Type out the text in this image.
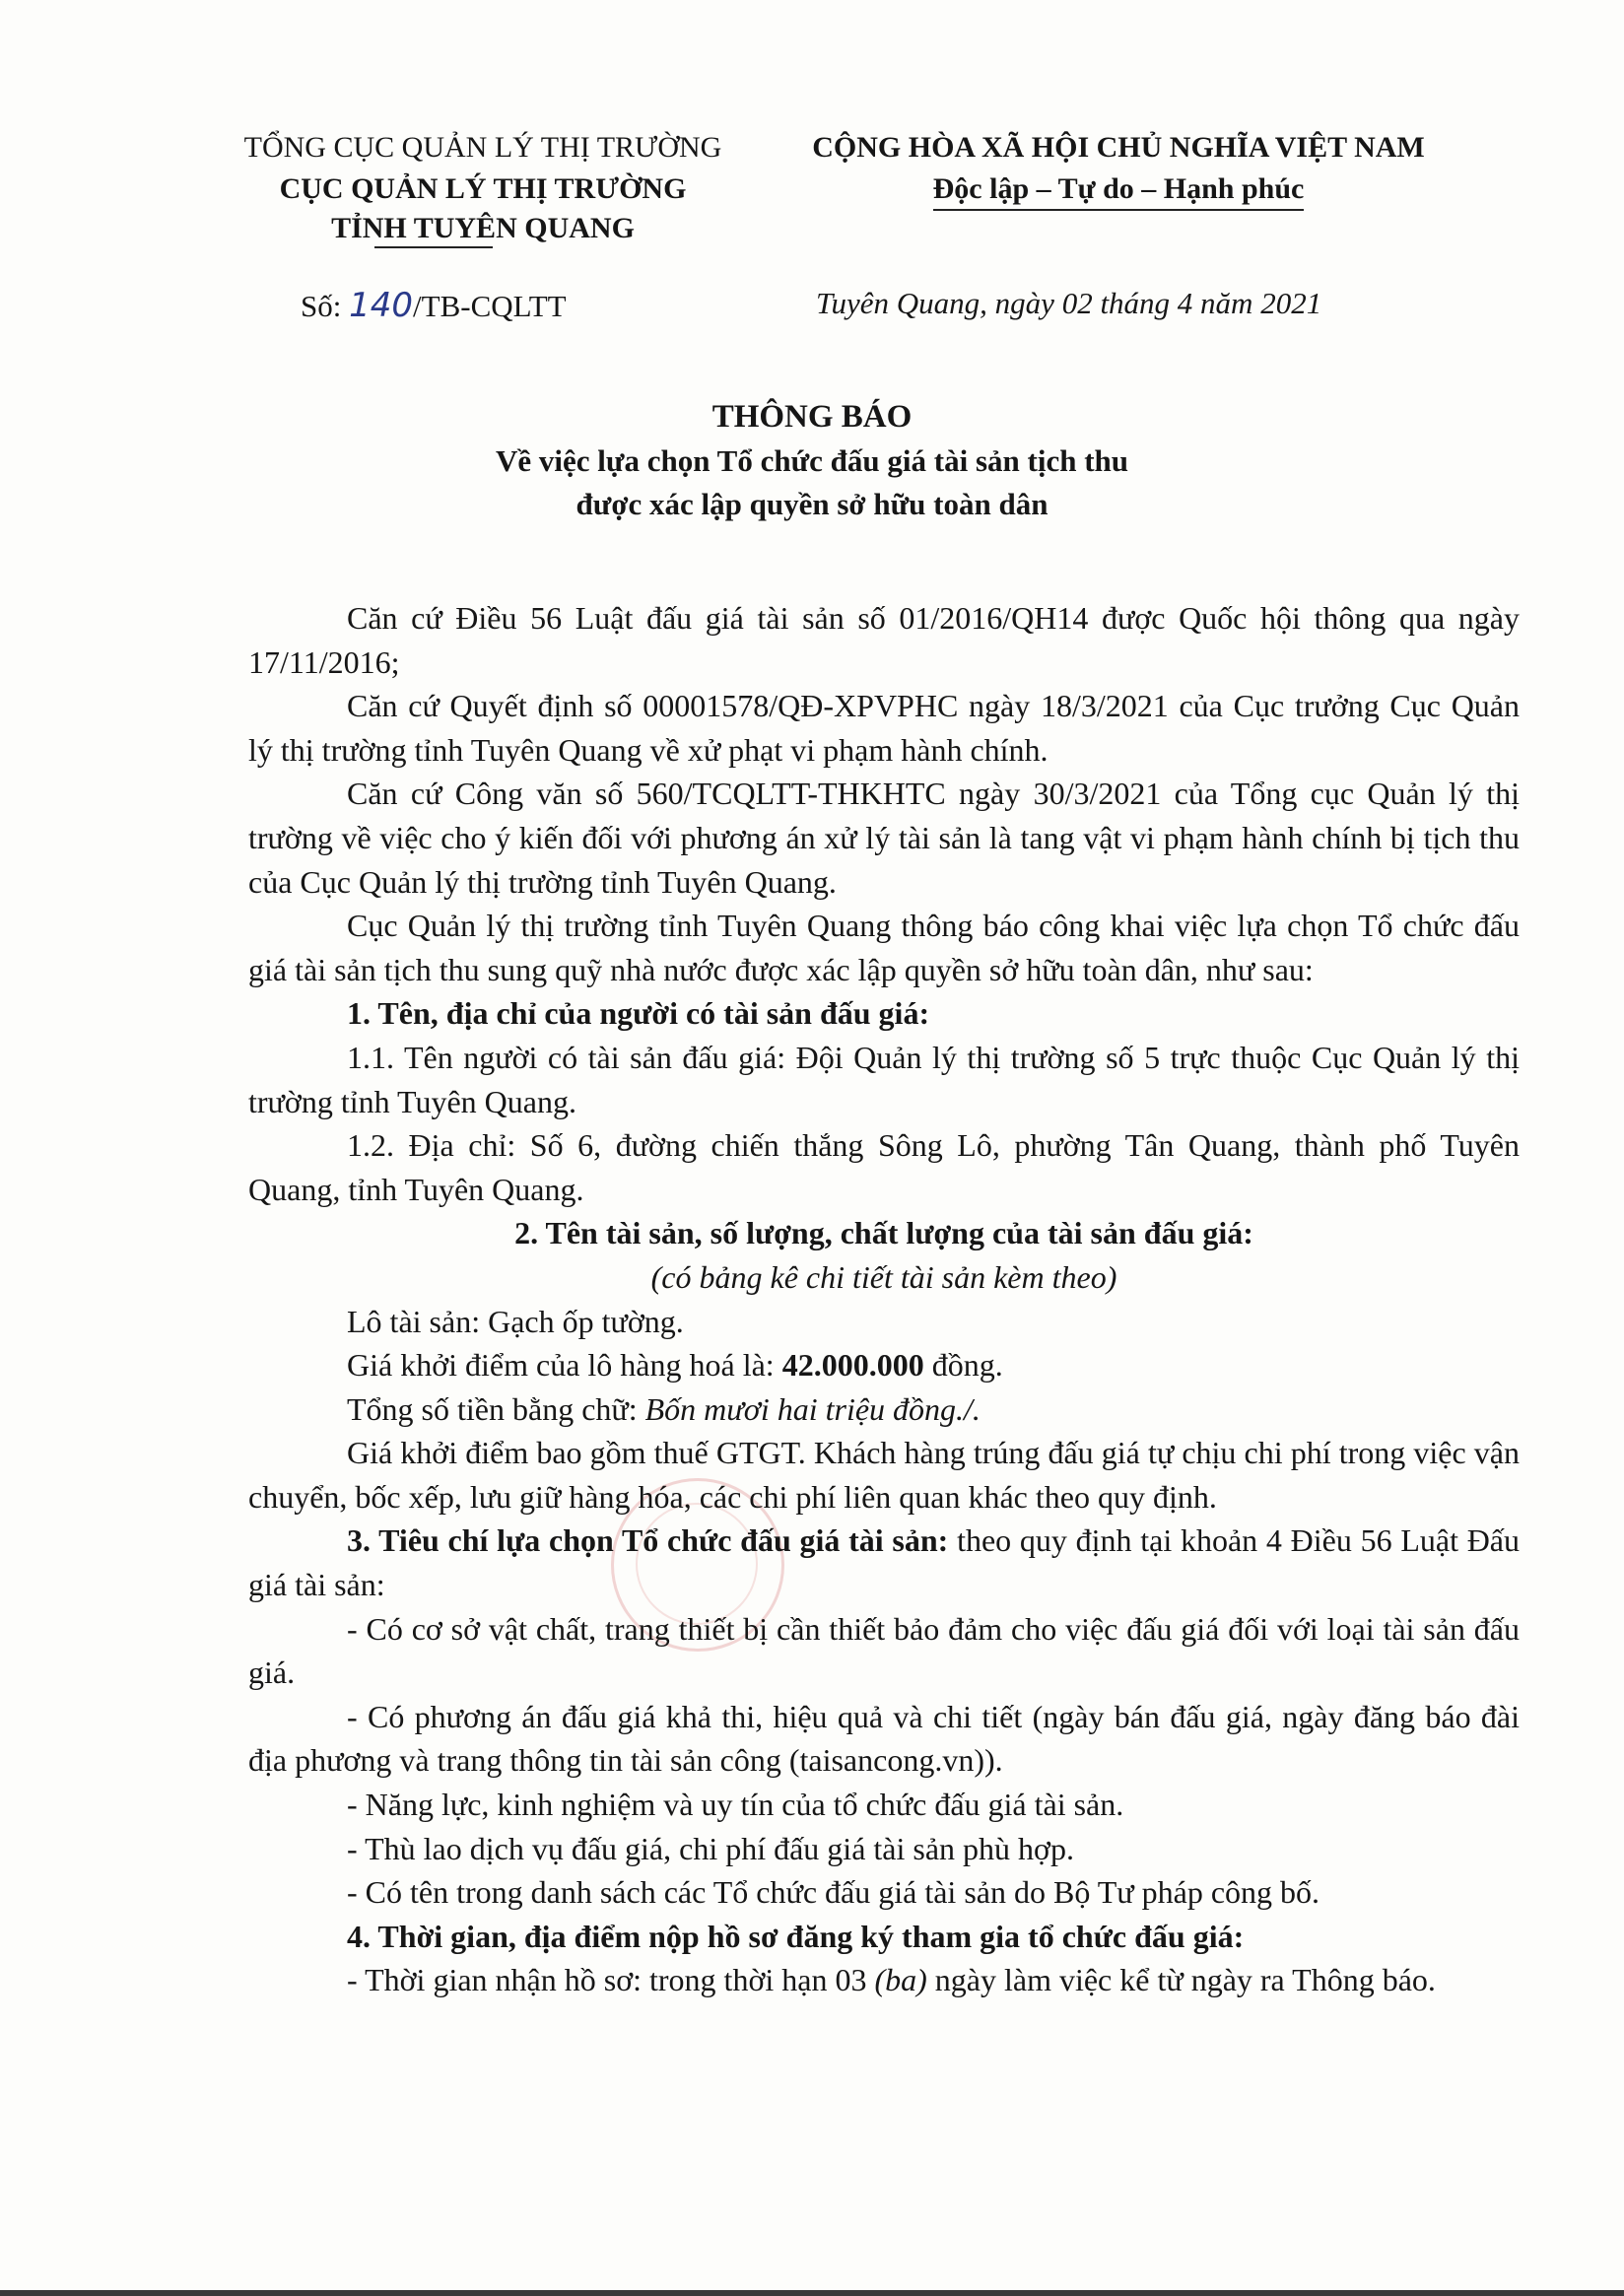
TỔNG CỤC QUẢN LÝ THỊ TRƯỜNG
CỤC QUẢN LÝ THỊ TRƯỜNG
TỈNH TUYÊN QUANG
CỘNG HÒA XÃ HỘI CHỦ NGHĨA VIỆT NAM
Độc lập – Tự do – Hạnh phúc
Số: 140/TB-CQLTT	Tuyên Quang, ngày 02 tháng 4 năm 2021
THÔNG BÁO
Về việc lựa chọn Tổ chức đấu giá tài sản tịch thu
được xác lập quyền sở hữu toàn dân

Căn cứ Điều 56 Luật đấu giá tài sản số 01/2016/QH14 được Quốc hội thông qua ngày 17/11/2016;

Căn cứ Quyết định số 00001578/QĐ-XPVPHC ngày 18/3/2021 của Cục trưởng Cục Quản lý thị trường tỉnh Tuyên Quang về xử phạt vi phạm hành chính.

Căn cứ Công văn số 560/TCQLTT-THKHTC ngày 30/3/2021 của Tổng cục Quản lý thị trường về việc cho ý kiến đối với phương án xử lý tài sản là tang vật vi phạm hành chính bị tịch thu của Cục Quản lý thị trường tỉnh Tuyên Quang.

Cục Quản lý thị trường tỉnh Tuyên Quang thông báo công khai việc lựa chọn Tổ chức đấu giá tài sản tịch thu sung quỹ nhà nước được xác lập quyền sở hữu toàn dân, như sau:

1. Tên, địa chỉ của người có tài sản đấu giá:

1.1. Tên người có tài sản đấu giá: Đội Quản lý thị trường số 5 trực thuộc Cục Quản lý thị trường tỉnh Tuyên Quang.

1.2. Địa chỉ: Số 6, đường chiến thắng Sông Lô, phường Tân Quang, thành phố Tuyên Quang, tỉnh Tuyên Quang.

2. Tên tài sản, số lượng, chất lượng của tài sản đấu giá:

(có bảng kê chi tiết tài sản kèm theo)

Lô tài sản: Gạch ốp tường.

Giá khởi điểm của lô hàng hoá là: 42.000.000 đồng.

Tổng số tiền bằng chữ: Bốn mươi hai triệu đồng./.

Giá khởi điểm bao gồm thuế GTGT. Khách hàng trúng đấu giá tự chịu chi phí trong việc vận chuyển, bốc xếp, lưu giữ hàng hóa, các chi phí liên quan khác theo quy định.

3. Tiêu chí lựa chọn Tổ chức đấu giá tài sản: theo quy định tại khoản 4 Điều 56 Luật Đấu giá tài sản:

- Có cơ sở vật chất, trang thiết bị cần thiết bảo đảm cho việc đấu giá đối với loại tài sản đấu giá.

- Có phương án đấu giá khả thi, hiệu quả và chi tiết (ngày bán đấu giá, ngày đăng báo đài địa phương và trang thông tin tài sản công (taisancong.vn)).

- Năng lực, kinh nghiệm và uy tín của tổ chức đấu giá tài sản.

- Thù lao dịch vụ đấu giá, chi phí đấu giá tài sản phù hợp.

- Có tên trong danh sách các Tổ chức đấu giá tài sản do Bộ Tư pháp công bố.

4. Thời gian, địa điểm nộp hồ sơ đăng ký tham gia tổ chức đấu giá:

- Thời gian nhận hồ sơ: trong thời hạn 03 (ba) ngày làm việc kể từ ngày ra Thông báo.
